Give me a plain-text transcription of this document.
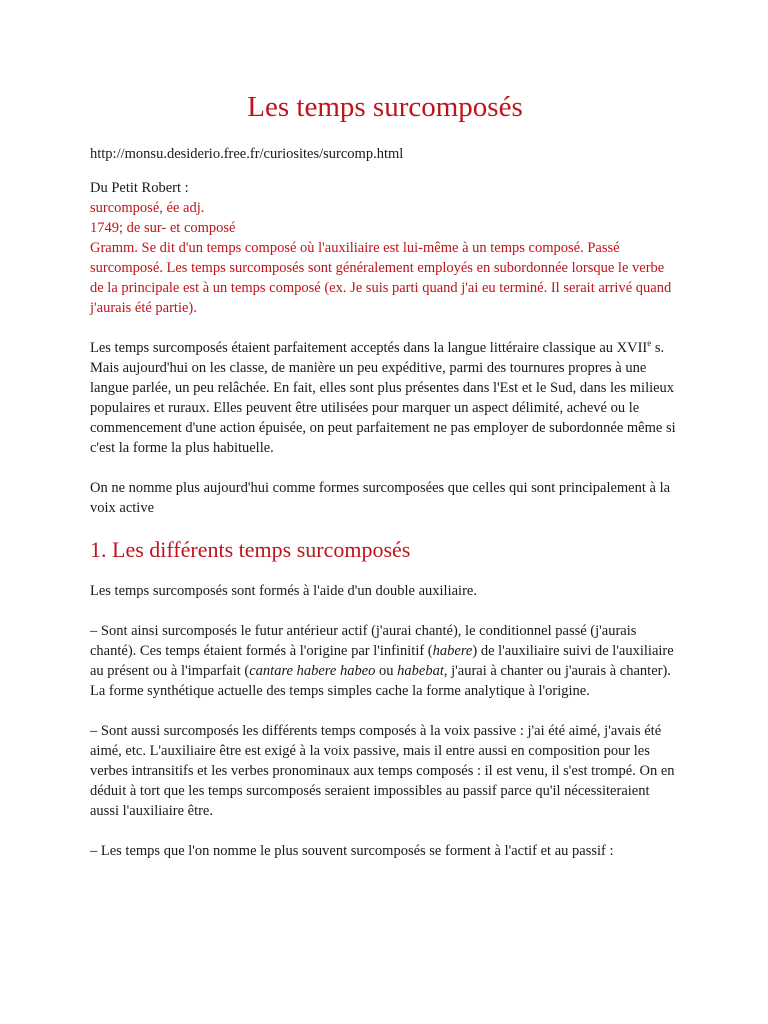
Les temps surcomposés

http://monsu.desiderio.free.fr/curiosites/surcomp.html

Du Petit Robert :

surcomposé, ée adj.

1749; de sur- et composé

Gramm. Se dit d'un temps composé où l'auxiliaire est lui-même à un temps composé. Passé surcomposé. Les temps surcomposés sont généralement employés en subordonnée lorsque le verbe de la principale est à un temps composé (ex. Je suis parti quand j'ai eu terminé. Il serait arrivé quand j'aurais été partie).

Les temps surcomposés étaient parfaitement acceptés dans la langue littéraire classique au XVIIe s. Mais aujourd'hui on les classe, de manière un peu expéditive, parmi des tournures propres à une langue parlée, un peu relâchée. En fait, elles sont plus présentes dans l'Est et le Sud, dans les milieux populaires et ruraux. Elles peuvent être utilisées pour marquer un aspect délimité, achevé ou le commencement d'une action épuisée, on peut parfaitement ne pas employer de subordonnée même si c'est la forme la plus habituelle.

On ne nomme plus aujourd'hui comme formes surcomposées que celles qui sont principalement à la voix active

1. Les différents temps surcomposés

Les temps surcomposés sont formés à l'aide d'un double auxiliaire.

– Sont ainsi surcomposés le futur antérieur actif (j'aurai chanté), le conditionnel passé (j'aurais chanté). Ces temps étaient formés à l'origine par l'infinitif (habere) de l'auxiliaire suivi de l'auxiliaire au présent ou à l'imparfait (cantare habere habeo ou habebat, j'aurai à chanter ou j'aurais à chanter). La forme synthétique actuelle des temps simples cache la forme analytique à l'origine.

– Sont aussi surcomposés les différents temps composés à la voix passive : j'ai été aimé, j'avais été aimé, etc. L'auxiliaire être est exigé à la voix passive, mais il entre aussi en composition pour les verbes intransitifs et les verbes pronominaux aux temps composés : il est venu, il s'est trompé. On en déduit à tort que les temps surcomposés seraient impossibles au passif parce qu'il nécessiteraient aussi l'auxiliaire être.

– Les temps que l'on nomme le plus souvent surcomposés se forment à l'actif et au passif :
